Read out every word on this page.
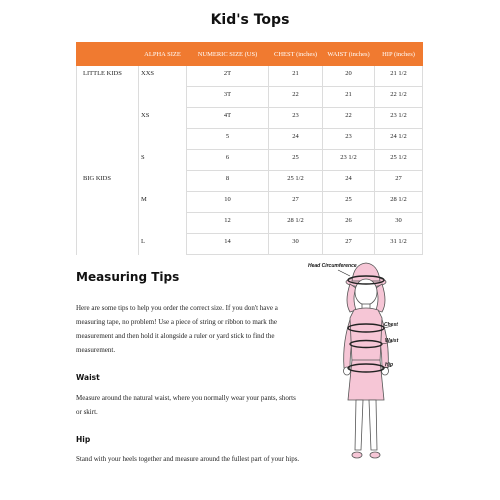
Kid's Tops
	ALPHA SIZE	NUMERIC SIZE (US)	CHEST (inches)	WAIST (inches)	HIP (inches)
LITTLE KIDS	XXS	2T	21	20	21 1/2
		3T	22	21	22 1/2
	XS	4T	23	22	23 1/2
		5	24	23	24 1/2
	S	6	25	23 1/2	25 1/2
BIG KIDS		8	25 1/2	24	27
	M	10	27	25	28 1/2
		12	28 1/2	26	30
	L	14	30	27	31 1/2
Measuring Tips

Here are some tips to help you order the correct size. If you don't have a measuring tape, no problem! Use a piece of string or ribbon to mark the measurement and then hold it alongside a ruler or yard stick to find the measurement.

Waist

Measure around the natural waist, where you normally wear your pants, shorts or skirt.

Hip

Stand with your heels together and measure around the fullest part of your hips.

Head Circumference
Chest
Waist
Hip
